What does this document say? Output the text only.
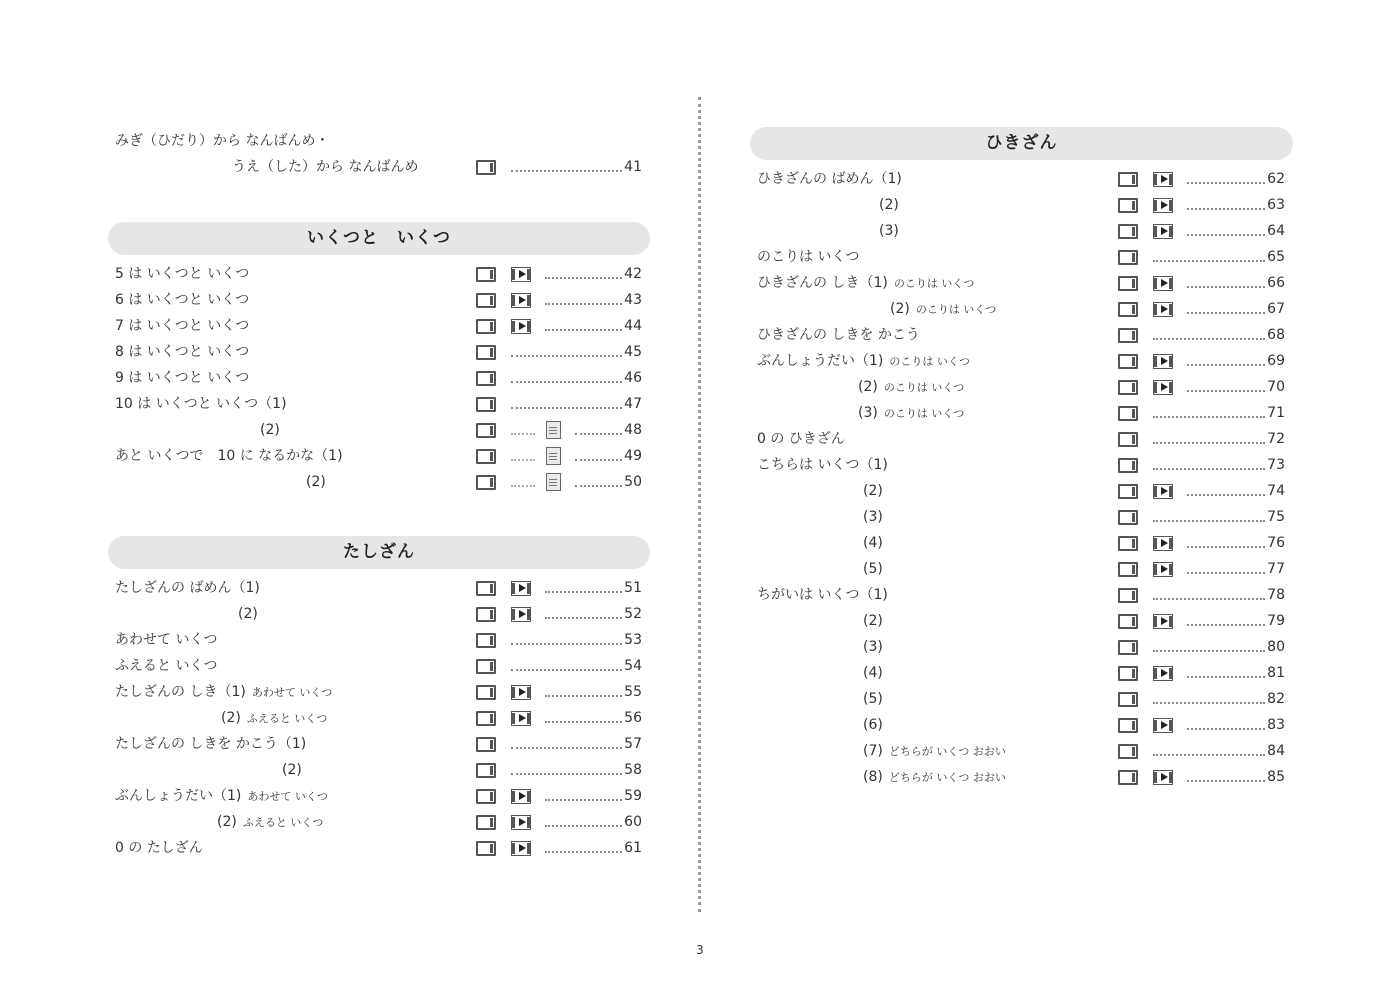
みぎ（ひだり）から なんばんめ・
うえ（した）から なんばんめ	41
いくつと　いくつ
5 は いくつと いくつ	42
6 は いくつと いくつ	43
7 は いくつと いくつ	44
8 は いくつと いくつ	45
9 は いくつと いくつ	46
10 は いくつと いくつ（1)	47
(2)	48
あと いくつで　10 に なるかな（1)	49
(2)	50
たしざん
たしざんの ばめん（1)	51
(2)	52
あわせて いくつ	53
ふえると いくつ	54
たしざんの しき（1) あわせて いくつ	55
(2) ふえると いくつ	56
たしざんの しきを かこう（1)	57
(2)	58
ぶんしょうだい（1) あわせて いくつ	59
(2) ふえると いくつ	60
0 の たしざん	61
ひきざん
ひきざんの ばめん（1)	62
(2)	63
(3)	64
のこりは いくつ	65
ひきざんの しき（1) のこりは いくつ	66
(2) のこりは いくつ	67
ひきざんの しきを かこう	68
ぶんしょうだい（1) のこりは いくつ	69
(2) のこりは いくつ	70
(3) のこりは いくつ	71
0 の ひきざん	72
こちらは いくつ（1)	73
(2)	74
(3)	75
(4)	76
(5)	77
ちがいは いくつ（1)	78
(2)	79
(3)	80
(4)	81
(5)	82
(6)	83
(7) どちらが いくつ おおい	84
(8) どちらが いくつ おおい	85
3
